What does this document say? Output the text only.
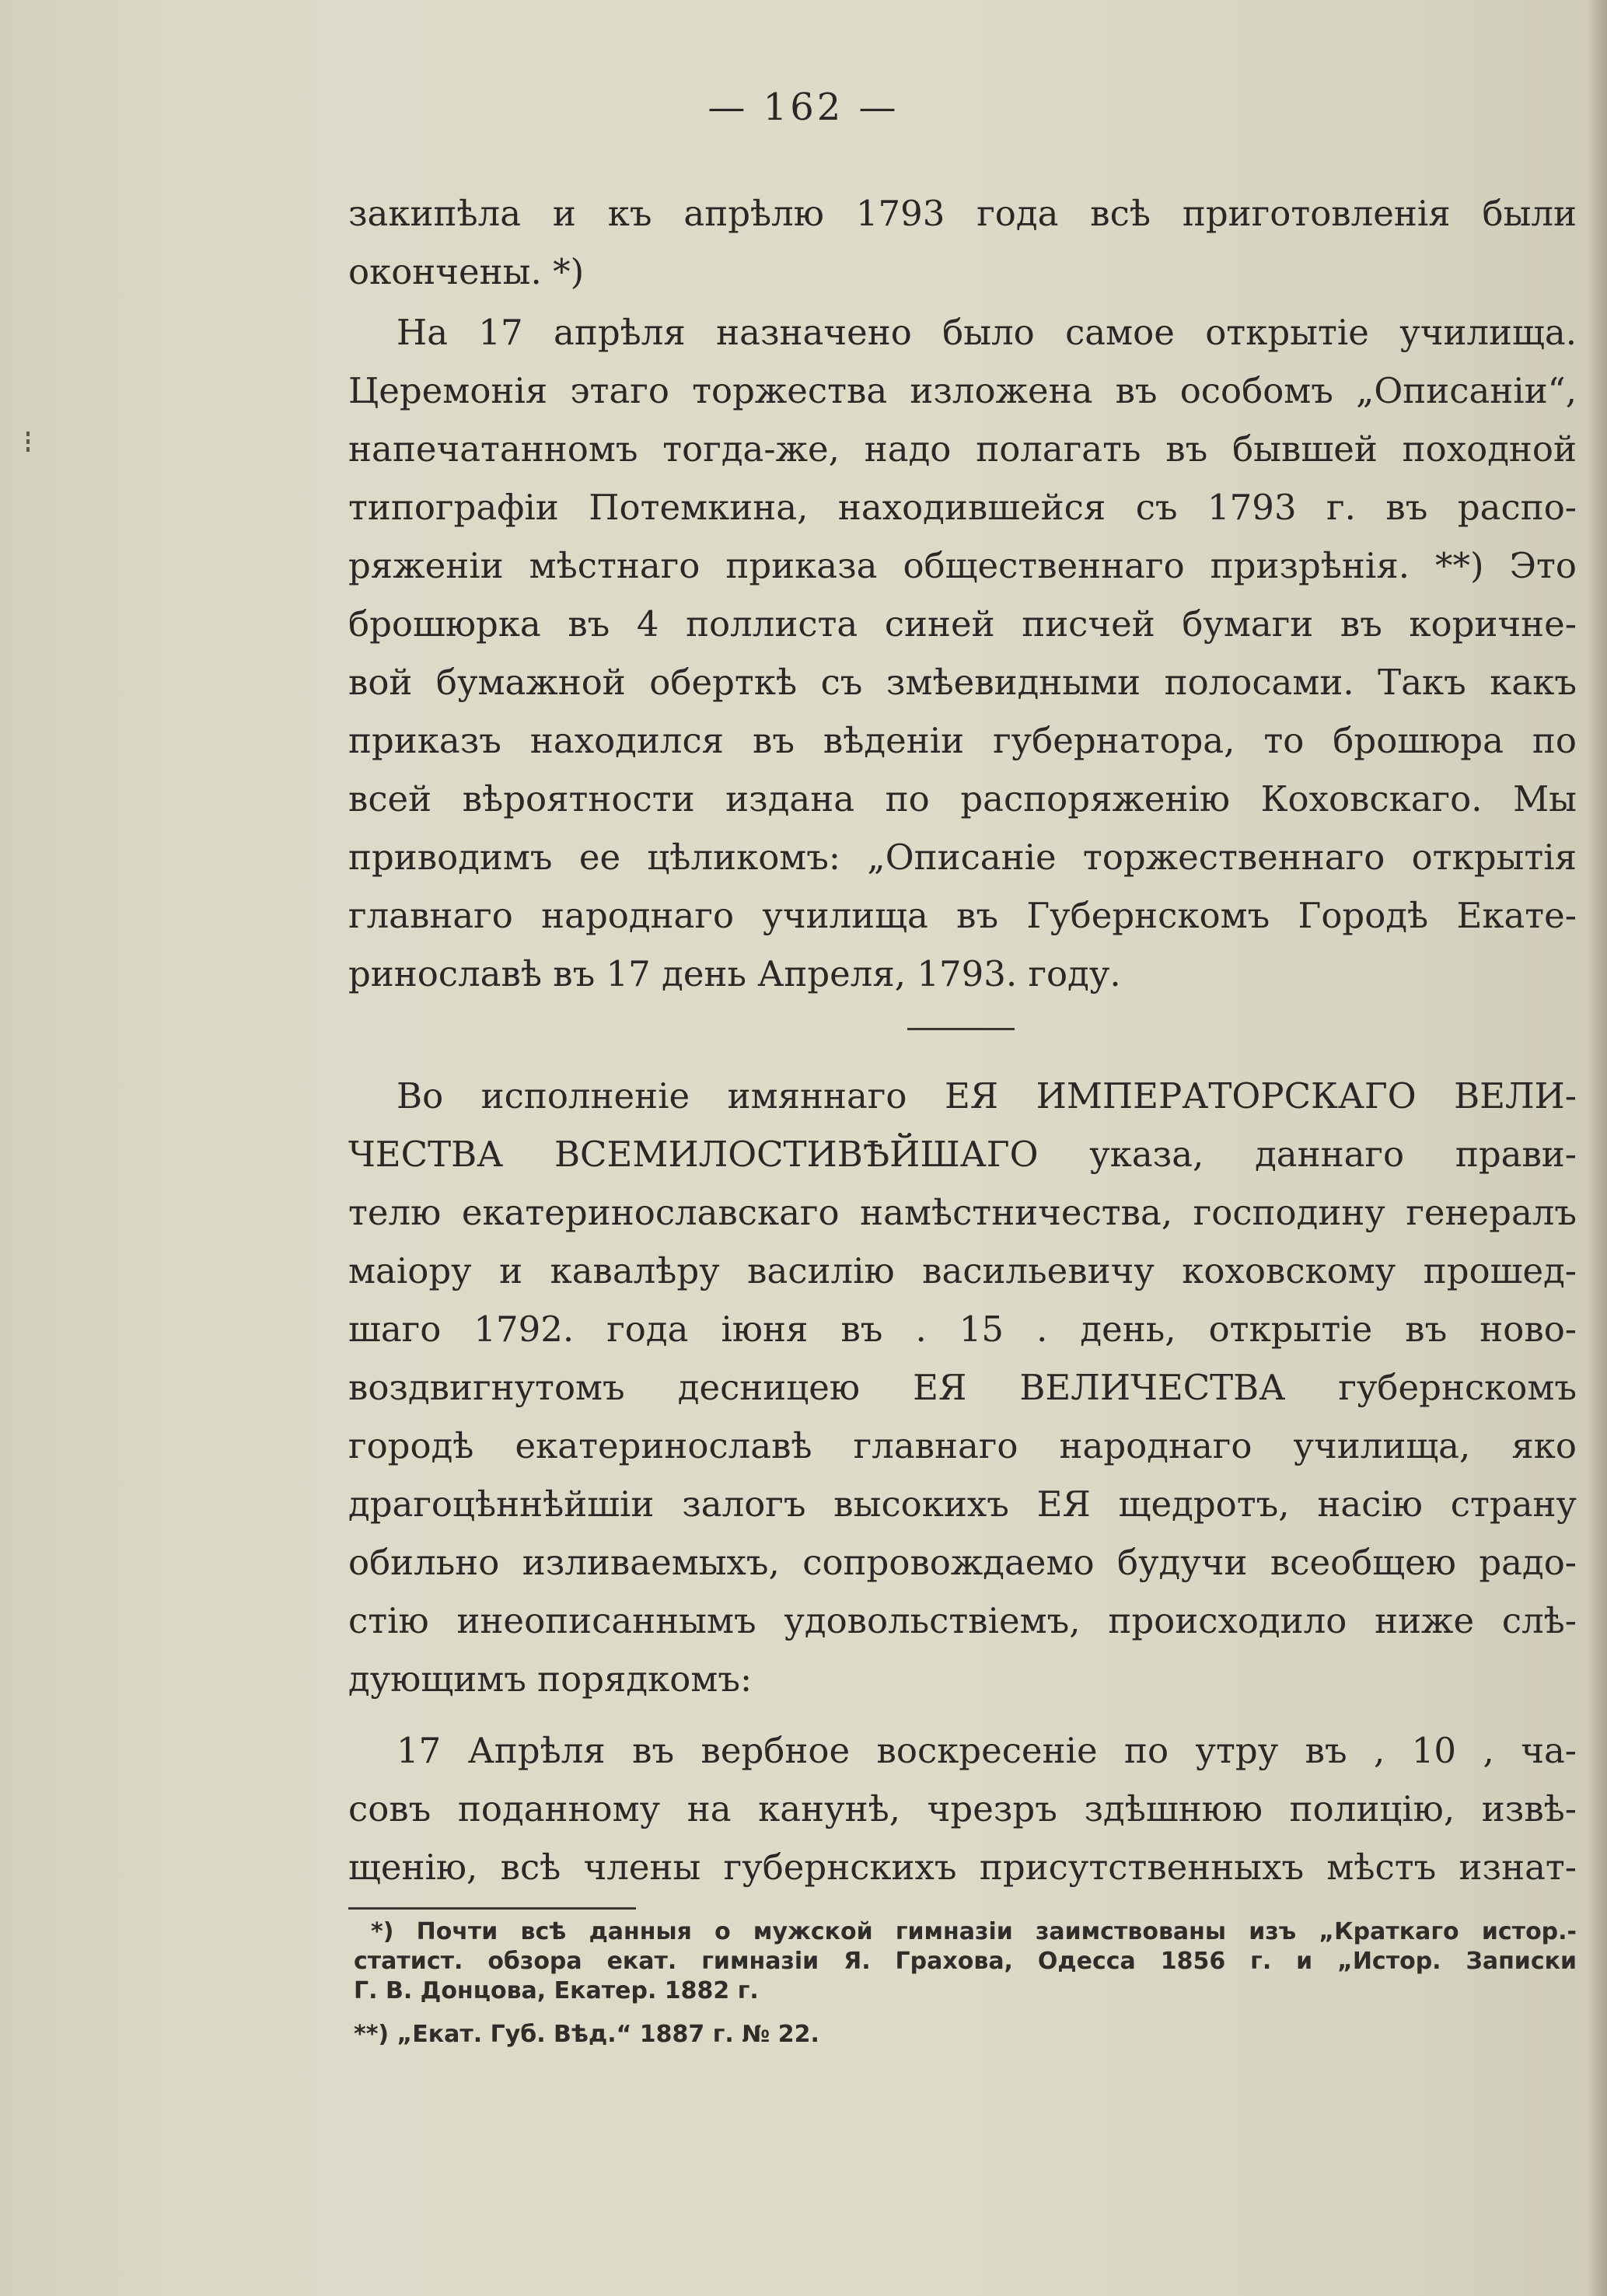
— 162 —
закипѣла и къ апрѣлю 1793 года всѣ приготовленія были
окончены. *)
На 17 апрѣля назначено было самое открытіе училища.
Церемонія этаго торжества изложена въ особомъ „Описаніи“,
напечатанномъ тогда-же, надо полагать въ бывшей походной
типографіи Потемкина, находившейся съ 1793 г. въ распо-
ряженіи мѣстнаго приказа общественнаго призрѣнія. **) Это
брошюрка въ 4 поллиста синей писчей бумаги въ коричне-
вой бумажной оберткѣ съ змѣевидными полосами. Такъ какъ
приказъ находился въ вѣденіи губернатора, то брошюра по
всей вѣроятности издана по распоряженію Коховскаго. Мы
приводимъ ее цѣликомъ: „Описаніе торжественнаго открытія
главнаго народнаго училища въ Губернскомъ Городѣ Екате-
ринославѣ въ 17 день Апреля, 1793. году.
Во исполненіе имяннаго ЕЯ ИМПЕРАТОРСКАГО ВЕЛИ-
ЧЕСТВА ВСЕМИЛОСТИВѢЙШАГО указа, даннаго прави-
телю екатеринославскаго намѣстничества, господину генералъ
маіору и кавалѣру василію васильевичу коховскому прошед-
шаго 1792. года іюня въ . 15 . день, открытіе въ ново-
воздвигнутомъ десницею ЕЯ ВЕЛИЧЕСТВА губернскомъ
городѣ екатеринославѣ главнаго народнаго училища, яко
драгоцѣннѣйшіи залогъ высокихъ ЕЯ щедротъ, насію страну
обильно изливаемыхъ, сопровождаемо будучи всеобщею радо-
стію инеописаннымъ удовольствіемъ, происходило ниже слѣ-
дующимъ порядкомъ:
17 Апрѣля въ вербное воскресеніе по утру въ , 10 , ча-
совъ поданному на канунѣ, чрезръ здѣшнюю полицію, извѣ-
щенію, всѣ члены губернскихъ присутственныхъ мѣстъ изнат-
*) Почти всѣ данныя о мужской гимназіи заимствованы изъ „Краткаго истор.-
статист. обзора екат. гимназіи Я. Грахова, Одесса 1856 г. и „Истор. Записки
Г. В. Донцова, Екатер. 1882 г.
**) „Екат. Губ. Вѣд.“ 1887 г. № 22.
